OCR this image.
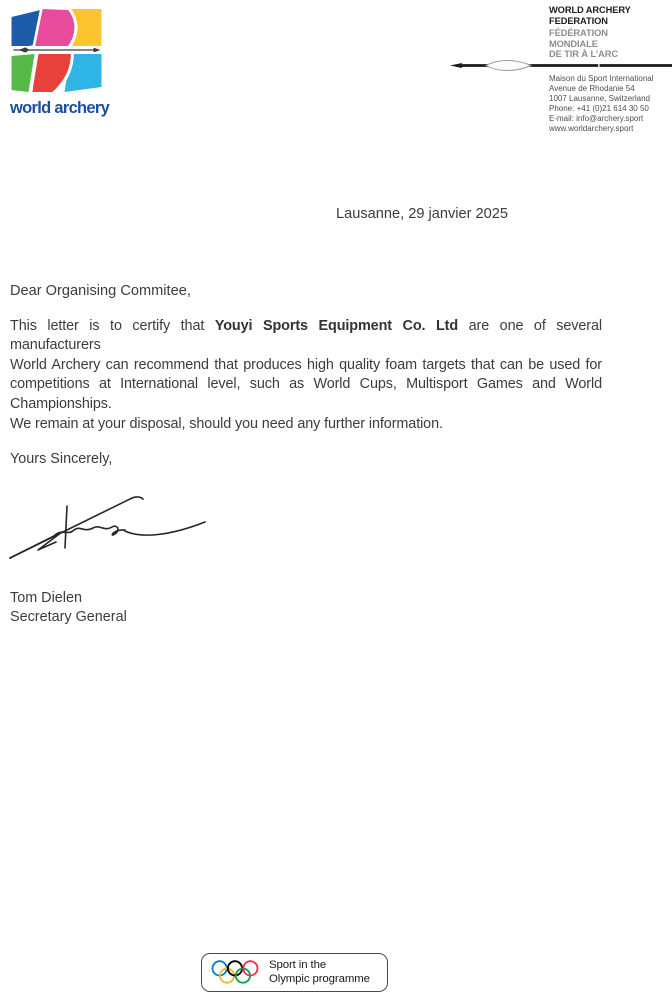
world archery
WORLD ARCHERY
FEDERATION
FÉDÉRATION
MONDIALE
DE TIR À L’ARC
Maison du Sport International
Avenue de Rhodanie 54
1007 Lausanne, Switzerland
Phone: +41 (0)21 614 30 50
E-mail: info@archery.sport
www.worldarchery.sport
Lausanne, 29 janvier 2025
Dear Organising Commitee,
This letter is to certify that Youyi Sports Equipment Co. Ltd are one of several manufacturers
World Archery can recommend that produces high quality foam targets that can be used for
competitions at International level, such as World Cups, Multisport Games and World
Championships.
We remain at your disposal, should you need any further information.
Yours Sincerely,
Tom Dielen
Secretary General
Sport in the
Olympic programme
